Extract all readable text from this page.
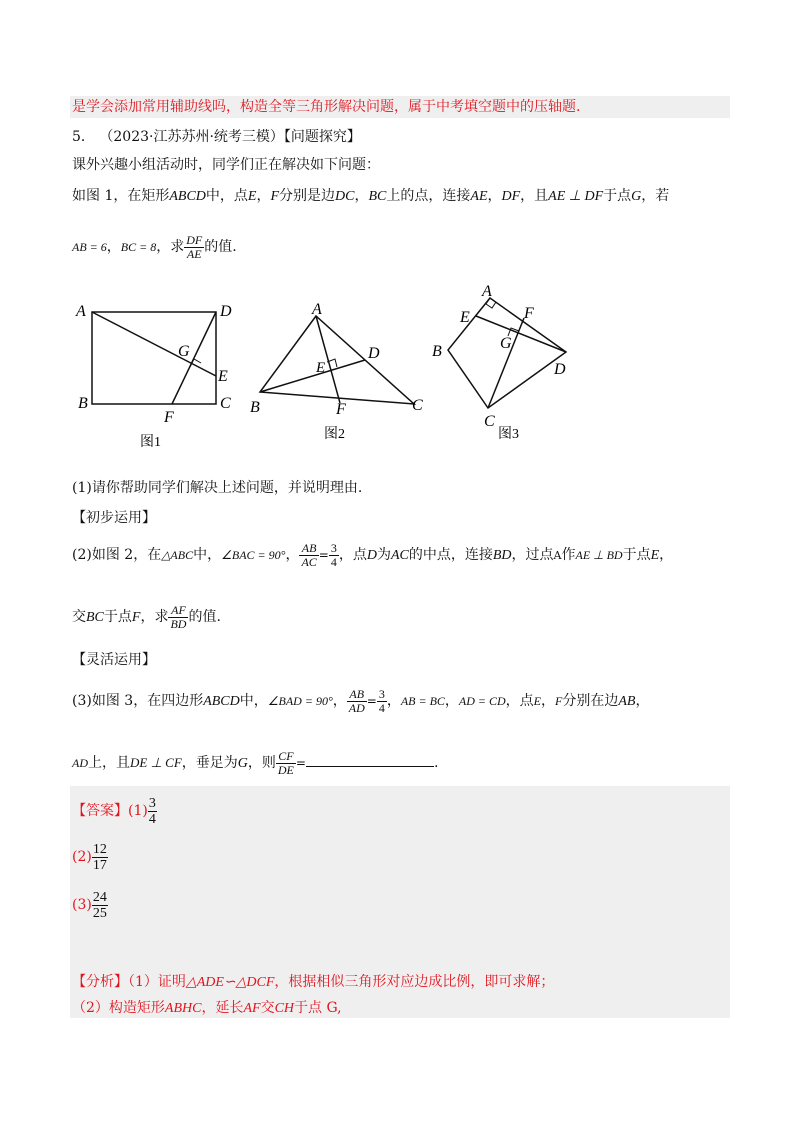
是学会添加常用辅助线吗，构造全等三角形解决问题，属于中考填空题中的压轴题.
5． （2023·江苏苏州·统考三模）【问题探究】
课外兴趣小组活动时，同学们正在解决如下问题：
如图 1，在矩形ABCD中，点E，F分别是边DC，BC上的点，连接AE，DF，且AE ⊥ DF于点G，若
AB = 6，BC = 8，求 $\frac{DF}{AE}$ 的值.
A	D
B	C
E
F
G
图1
A
B	C
D
E
F
图2
A
E	F
B	G
D
C
图3
(1)请你帮助同学们解决上述问题，并说明理由.
【初步运用】
(2)如图 2，在△ABC中，∠BAC = 90°， $\frac{AB}{AC} = \frac{3}{4}$ ，点D为AC的中点，连接BD，过点A作AE ⊥ BD于点E，
交BC于点F，求 $\frac{AF}{BD}$ 的值.
【灵活运用】
(3)如图 3，在四边形ABCD中，∠BAD = 90°， $\frac{AB}{AD} = \frac{3}{4}$ ，AB = BC，AD = CD，点E，F分别在边AB，
AD上，且DE ⊥ CF，垂足为G，则 $\frac{CF}{DE}$ =	.
【答案】$(1) \frac{3}{4}$
$(2) \frac{12}{17}$
$(3) \frac{24}{25}$
【分析】（1）证明△ADE∽△DCF，根据相似三角形对应边成比例，即可求解；
（2）构造矩形ABHC，延长AF交CH于点 G,
